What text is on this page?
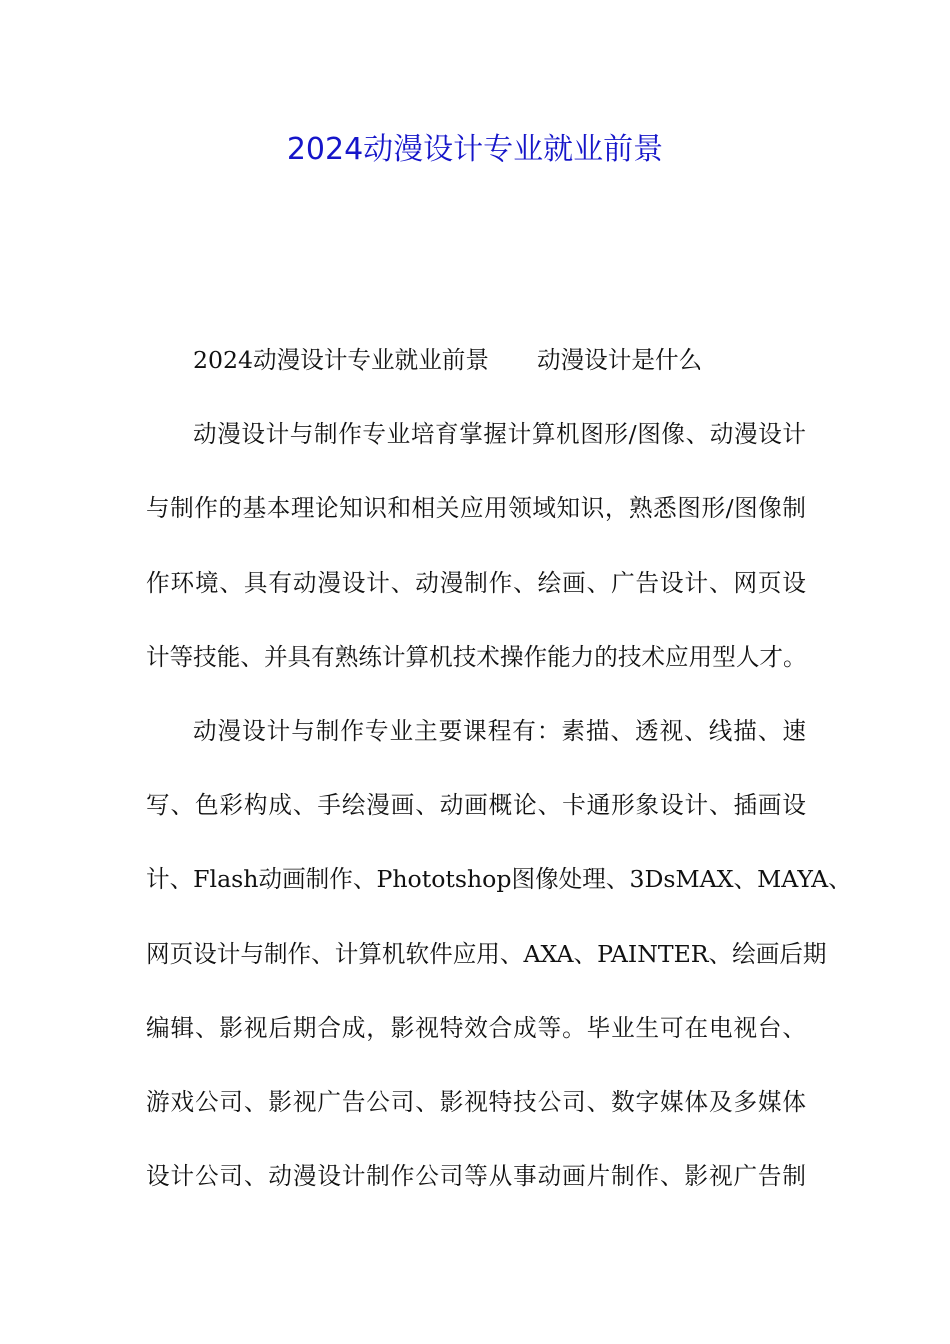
2024动漫设计专业就业前景
2024动漫设计专业就业前景 动漫设计是什么
动漫设计与制作专业培育掌握计算机图形/图像、动漫设计
与制作的基本理论知识和相关应用领域知识，熟悉图形/图像制
作环境、具有动漫设计、动漫制作、绘画、广告设计、网页设
计等技能、并具有熟练计算机技术操作能力的技术应用型人才。
动漫设计与制作专业主要课程有：素描、透视、线描、速
写、色彩构成、手绘漫画、动画概论、卡通形象设计、插画设
计、Flash动画制作、Phototshop图像处理、3DsMAX、MAYA、
网页设计与制作、计算机软件应用、AXA、PAINTER、绘画后期
编辑、影视后期合成，影视特效合成等。毕业生可在电视台、
游戏公司、影视广告公司、影视特技公司、数字媒体及多媒体
设计公司、动漫设计制作公司等从事动画片制作、影视广告制
